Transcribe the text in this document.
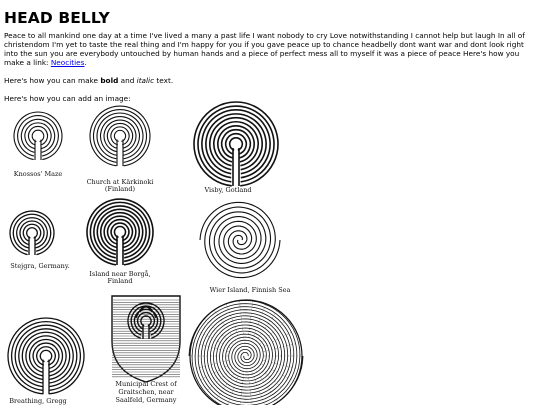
HEAD BELLY

Peace to all mankind one day at a time I've lived a many a past life I want nobody to cry Love notwithstanding I cannot help but laugh In all of christendom I'm yet to taste the real thing and I'm happy for you if you gave peace up to chance headbelly dont want war and dont look right into the sun you are everybody untouched by human hands and a piece of perfect mess all to myself it was a piece of peace Here's how you make a link: Neocities.

Here's how you can make bold and italic text.

Here's how you can add an image:

Knossos' Maze
Church at Kärkinoki
(Finland)	Visby, Gotland
Stejgra, Germany.
Island near Borgå,
Finland
Wier Island, Finnish Sea
Breathing, Gregg
Municipal Crest of
Graitschen, near
Saalfeld, Germany
